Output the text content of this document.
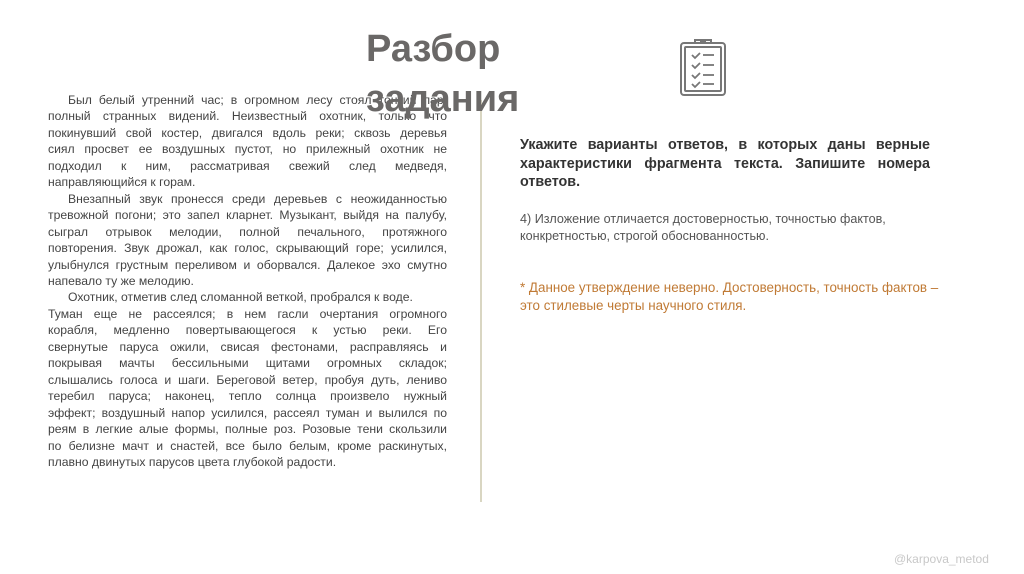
Разбор
задания
Был белый утренний час; в огромном лесу стоял тонкий пар,
полный странных видений. Неизвестный охотник, только что
покинувший свой костер, двигался вдоль реки; сквозь деревья
сиял просвет ее воздушных пустот, но прилежный охотник не
подходил к ним, рассматривая свежий след медведя,
направляющийся к горам.
Внезапный звук пронесся среди деревьев с неожиданностью
тревожной погони; это запел кларнет. Музыкант, выйдя на палубу,
сыграл отрывок мелодии, полной печального, протяжного
повторения. Звук дрожал, как голос, скрывающий горе; усилился,
улыбнулся грустным переливом и оборвался. Далекое эхо смутно
напевало ту же мелодию.
Охотник, отметив след сломанной веткой, пробрался к воде.
Туман еще не рассеялся; в нем гасли очертания огромного
корабля, медленно повертывающегося к устью реки. Его
свернутые паруса ожили, свисая фестонами, расправляясь и
покрывая мачты бессильными щитами огромных складок;
слышались голоса и шаги. Береговой ветер, пробуя дуть, лениво
теребил паруса; наконец, тепло солнца произвело нужный
эффект; воздушный напор усилился, рассеял туман и вылился по
реям в легкие алые формы, полные роз. Розовые тени скользили
по белизне мачт и снастей, все было белым, кроме раскинутых,
плавно двинутых парусов цвета глубокой радости.
Укажите варианты ответов, в которых даны верные характеристики фрагмента текста. Запишите номера ответов.
4) Изложение отличается достоверностью, точностью фактов, конкретностью, строгой обоснованностью.
* Данное утверждение неверно. Достоверность, точность фактов – это стилевые черты научного стиля.
@karpova_metod
